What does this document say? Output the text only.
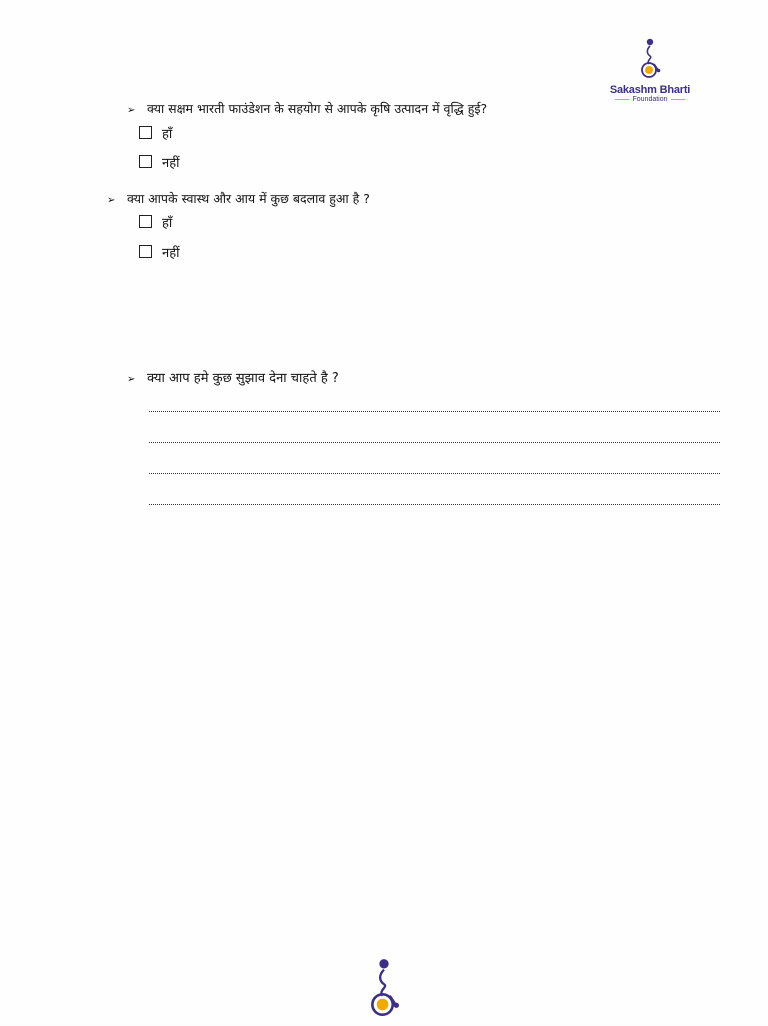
Sakashm Bharti
Foundation
➢ क्या सक्षम भारती फाउंडेशन के सहयोग से आपके कृषि उत्पादन में वृद्धि हुई?
हाँ
नहीं
➢ क्या आपके स्वास्थ और आय में कुछ बदलाव हुआ है ?
हाँ
नहीं
➢ क्या आप हमे कुछ सुझाव देना चाहते है ?
